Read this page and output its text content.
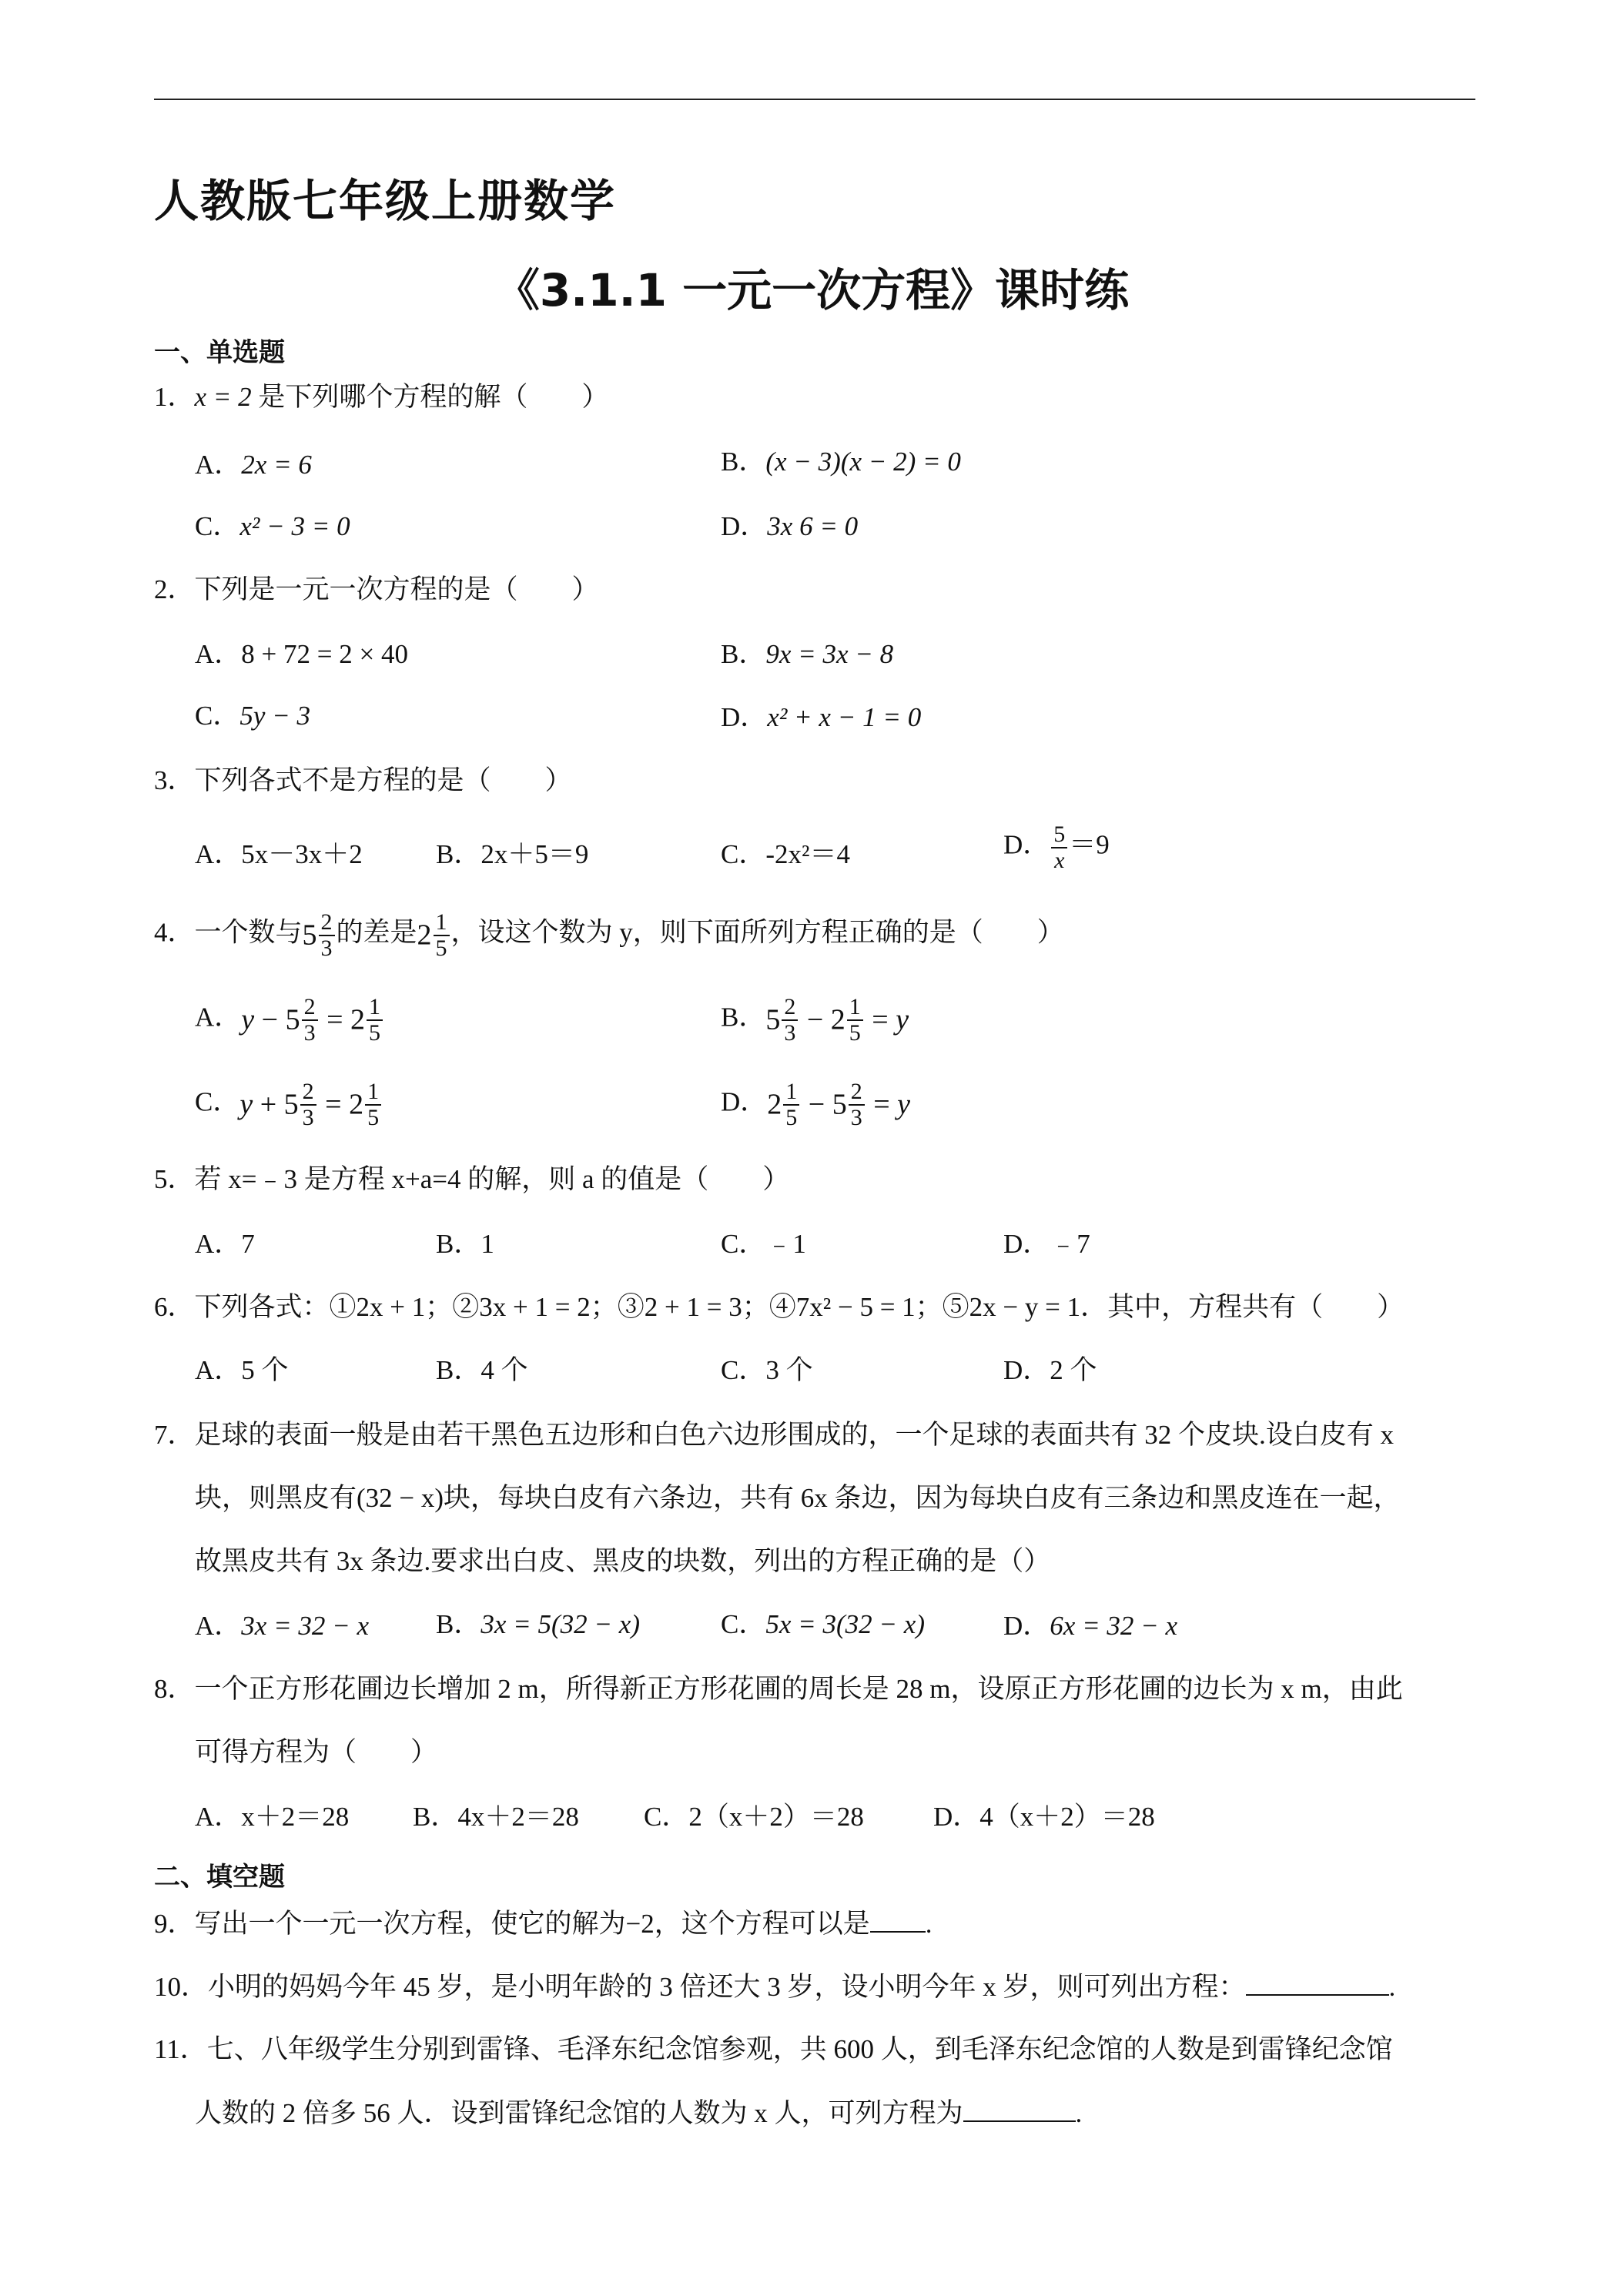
人教版七年级上册数学
《3.1.1 一元一次方程》课时练
一、单选题
1．x = 2 是下列哪个方程的解（　　）
A．2x = 6	B．(x − 3)(x − 2) = 0
C．x² − 3 = 0	D．3x 6 = 0
2．下列是一元一次方程的是（　　）
A．8 + 72 = 2 × 40	B．9x = 3x − 8
C．5y − 3	D．x² + x − 1 = 0
3．下列各式不是方程的是（　　）
A．5x－3x＋2	B．2x＋5＝9	C．-2x²＝4	D． $\frac{5}{x} =9$
4．一个数与$5 \frac{2}{3}$ 的差是$2 \frac{1}{5}$ ，设这个数为 y，则下面所列方程正确的是（　　）
A．$y - 5 \frac{2}{3} = 2 \frac{1}{5}$	B．$5 \frac{2}{3} - 2 \frac{1}{5} = y$
C．$y + 5 \frac{2}{3} = 2 \frac{1}{5}$	D．$2 \frac{1}{5} - 5 \frac{2}{3} = y$
5．若 x=﹣3 是方程 x+a=4 的解，则 a 的值是（　　）
A．7	B．1	C．﹣1	D．﹣7
6．下列各式：①2x + 1；②3x + 1 = 2；③2 + 1 = 3；④7x² − 5 = 1；⑤2x − y = 1．其中，方程共有（　　）
A．5 个	B．4 个	C．3 个	D．2 个
7．足球的表面一般是由若干黑色五边形和白色六边形围成的，一个足球的表面共有 32 个皮块.设白皮有 x
块，则黑皮有(32 − x)块，每块白皮有六条边，共有 6x 条边，因为每块白皮有三条边和黑皮连在一起，
故黑皮共有 3x 条边.要求出白皮、黑皮的块数，列出的方程正确的是（）
A．3x = 32 − x B．3x = 5(32 − x)	C．5x = 3(32 − x)	D．6x = 32 − x
8．一个正方形花圃边长增加 2 m，所得新正方形花圃的周长是 28 m，设原正方形花圃的边长为 x m，由此
可得方程为（　　）
A．x＋2＝28 B．4x＋2＝28 C．2（x＋2）＝28	D．4（x＋2）＝28
二、填空题
9．写出一个一元一次方程，使它的解为−2，这个方程可以是 .
10．小明的妈妈今年 45 岁，是小明年龄的 3 倍还大 3 岁，设小明今年 x 岁，则可列出方程：	.
11．七、八年级学生分别到雷锋、毛泽东纪念馆参观，共 600 人，到毛泽东纪念馆的人数是到雷锋纪念馆
人数的 2 倍多 56 人．设到雷锋纪念馆的人数为 x 人，可列方程为	.
